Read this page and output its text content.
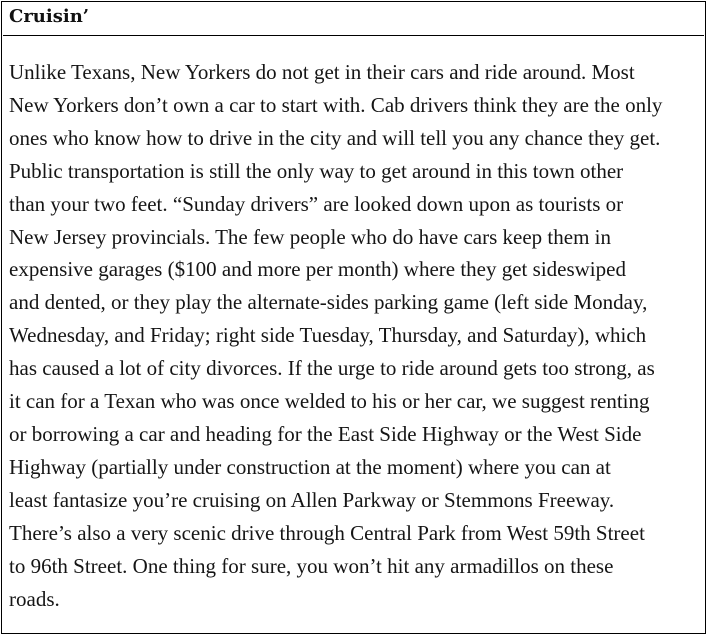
Cruisin’

Unlike Texans, New Yorkers do not get in their cars and ride around. Most
New Yorkers don’t own a car to start with. Cab drivers think they are the only
ones who know how to drive in the city and will tell you any chance they get.
Public transportation is still the only way to get around in this town other
than your two feet. “Sunday drivers” are looked down upon as tourists or
New Jersey provincials. The few people who do have cars keep them in
expensive garages ($100 and more per month) where they get sideswiped
and dented, or they play the alternate-sides parking game (left side Monday,
Wednesday, and Friday; right side Tuesday, Thursday, and Saturday), which
has caused a lot of city divorces. If the urge to ride around gets too strong, as
it can for a Texan who was once welded to his or her car, we suggest renting
or borrowing a car and heading for the East Side Highway or the West Side
Highway (partially under construction at the moment) where you can at
least fantasize you’re cruising on Allen Parkway or Stemmons Freeway.
There’s also a very scenic drive through Central Park from West 59th Street
to 96th Street. One thing for sure, you won’t hit any armadillos on these
roads.
